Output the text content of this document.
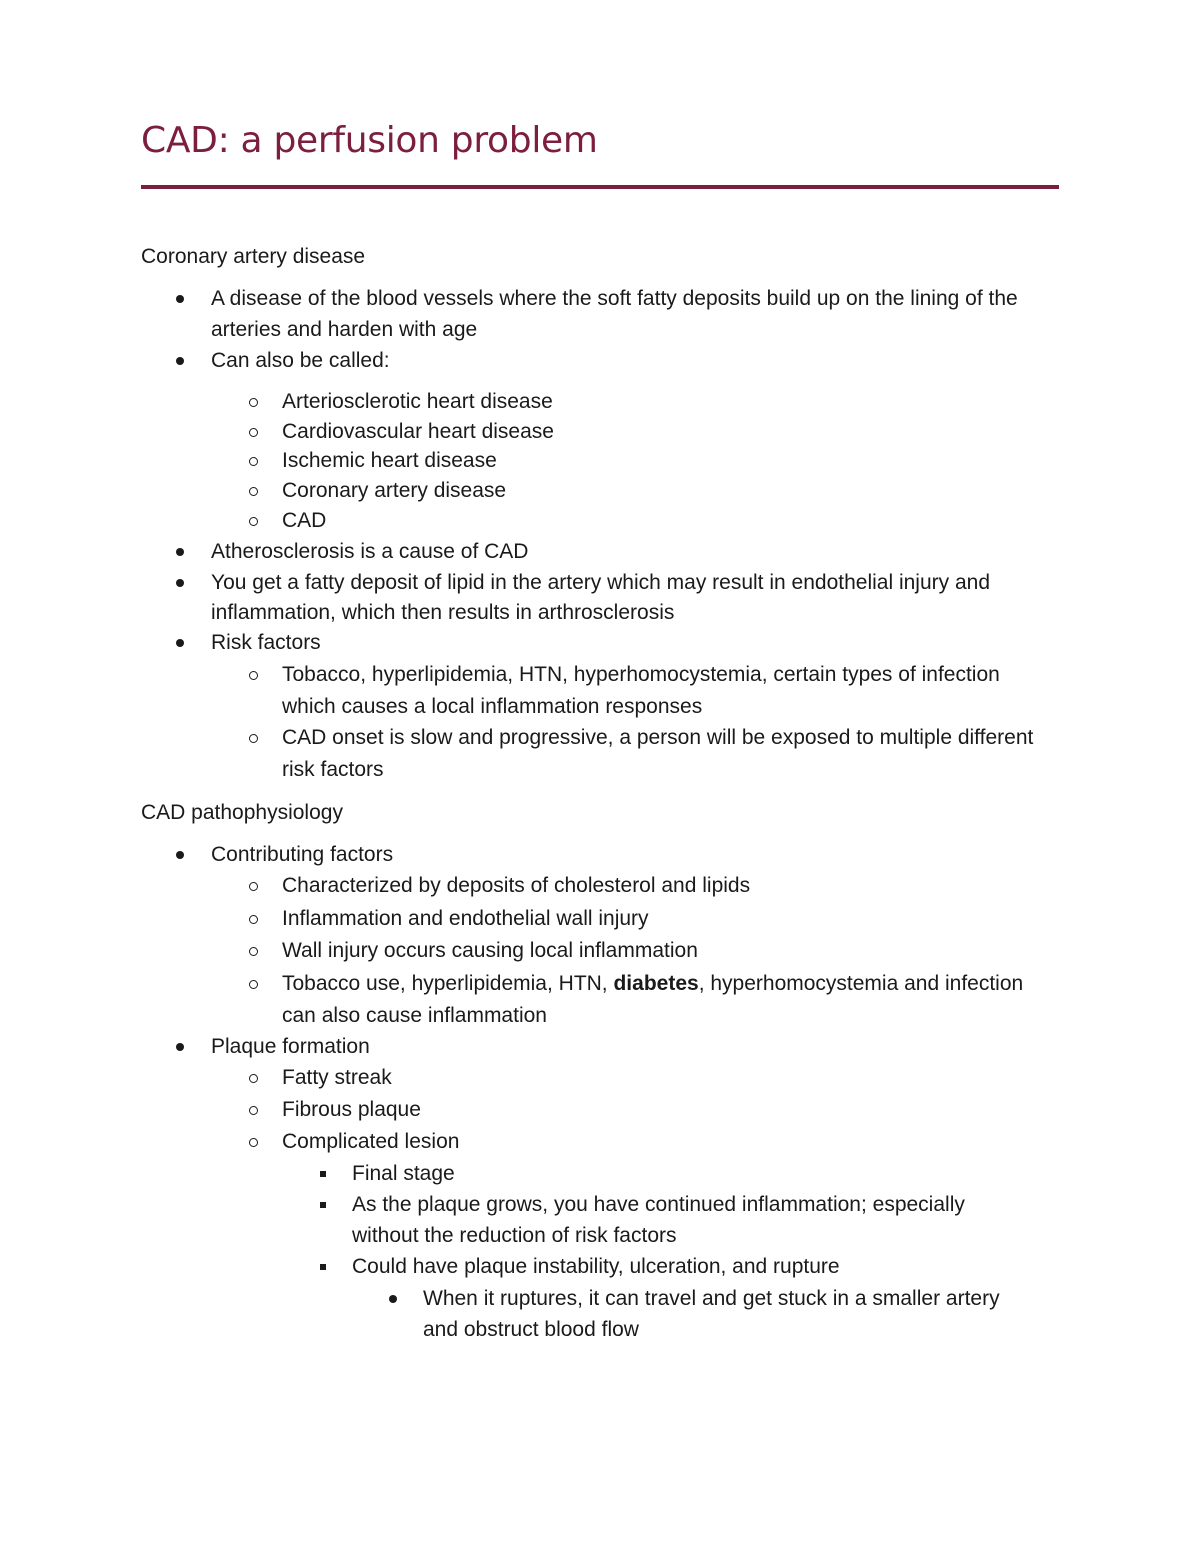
CAD: a perfusion problem
Coronary artery disease
A disease of the blood vessels where the soft fatty deposits build up on the lining of the
arteries and harden with age
Can also be called:
Arteriosclerotic heart disease
Cardiovascular heart disease
Ischemic heart disease
Coronary artery disease
CAD
Atherosclerosis is a cause of CAD
You get a fatty deposit of lipid in the artery which may result in endothelial injury and
inflammation, which then results in arthrosclerosis
Risk factors
Tobacco, hyperlipidemia, HTN, hyperhomocystemia, certain types of infection
which causes a local inflammation responses
CAD onset is slow and progressive, a person will be exposed to multiple different
risk factors
CAD pathophysiology
Contributing factors
Characterized by deposits of cholesterol and lipids
Inflammation and endothelial wall injury
Wall injury occurs causing local inflammation
Tobacco use, hyperlipidemia, HTN, diabetes, hyperhomocystemia and infection
can also cause inflammation
Plaque formation
Fatty streak
Fibrous plaque
Complicated lesion
Final stage
As the plaque grows, you have continued inflammation; especially
without the reduction of risk factors
Could have plaque instability, ulceration, and rupture
When it ruptures, it can travel and get stuck in a smaller artery
and obstruct blood flow
